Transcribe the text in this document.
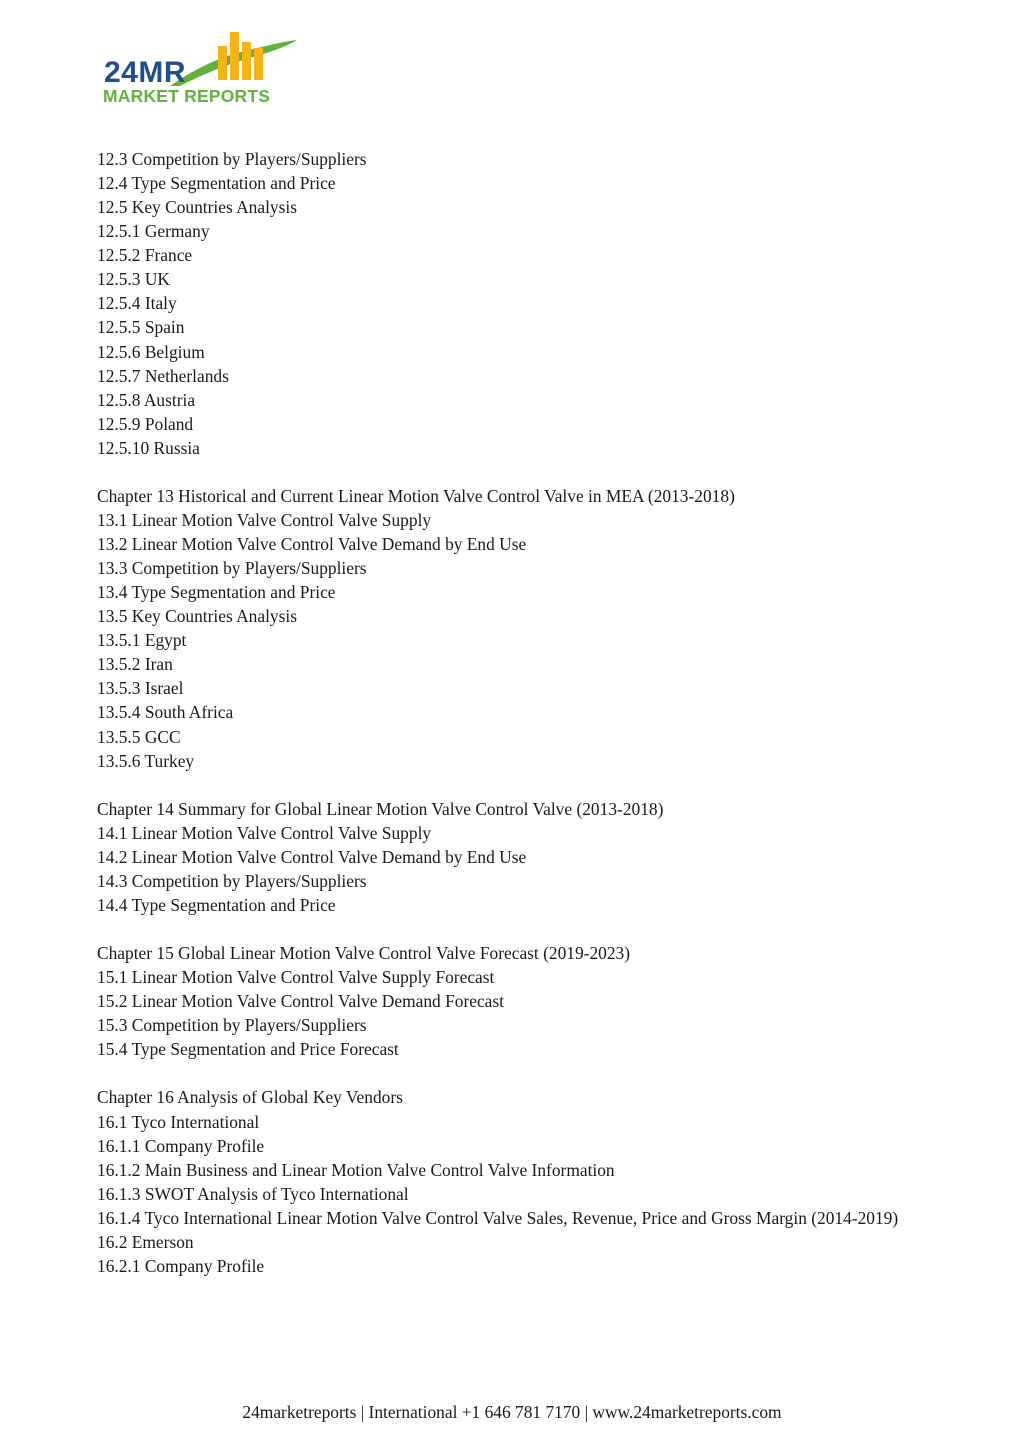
24MR
MARKET REPORTS
12.3 Competition by Players/Suppliers
12.4 Type Segmentation and Price
12.5 Key Countries Analysis
12.5.1 Germany
12.5.2 France
12.5.3 UK
12.5.4 Italy
12.5.5 Spain
12.5.6 Belgium
12.5.7 Netherlands
12.5.8 Austria
12.5.9 Poland
12.5.10 Russia
Chapter 13 Historical and Current Linear Motion Valve Control Valve in MEA (2013-2018)
13.1 Linear Motion Valve Control Valve Supply
13.2 Linear Motion Valve Control Valve Demand by End Use
13.3 Competition by Players/Suppliers
13.4 Type Segmentation and Price
13.5 Key Countries Analysis
13.5.1 Egypt
13.5.2 Iran
13.5.3 Israel
13.5.4 South Africa
13.5.5 GCC
13.5.6 Turkey
Chapter 14 Summary for Global Linear Motion Valve Control Valve (2013-2018)
14.1 Linear Motion Valve Control Valve Supply
14.2 Linear Motion Valve Control Valve Demand by End Use
14.3 Competition by Players/Suppliers
14.4 Type Segmentation and Price
Chapter 15 Global Linear Motion Valve Control Valve Forecast (2019-2023)
15.1 Linear Motion Valve Control Valve Supply Forecast
15.2 Linear Motion Valve Control Valve Demand Forecast
15.3 Competition by Players/Suppliers
15.4 Type Segmentation and Price Forecast
Chapter 16 Analysis of Global Key Vendors
16.1 Tyco International
16.1.1 Company Profile
16.1.2 Main Business and Linear Motion Valve Control Valve Information
16.1.3 SWOT Analysis of Tyco International
16.1.4 Tyco International Linear Motion Valve Control Valve Sales, Revenue, Price and Gross Margin (2014-2019)
16.2 Emerson
16.2.1 Company Profile
24marketreports | International +1 646 781 7170 | www.24marketreports.com
